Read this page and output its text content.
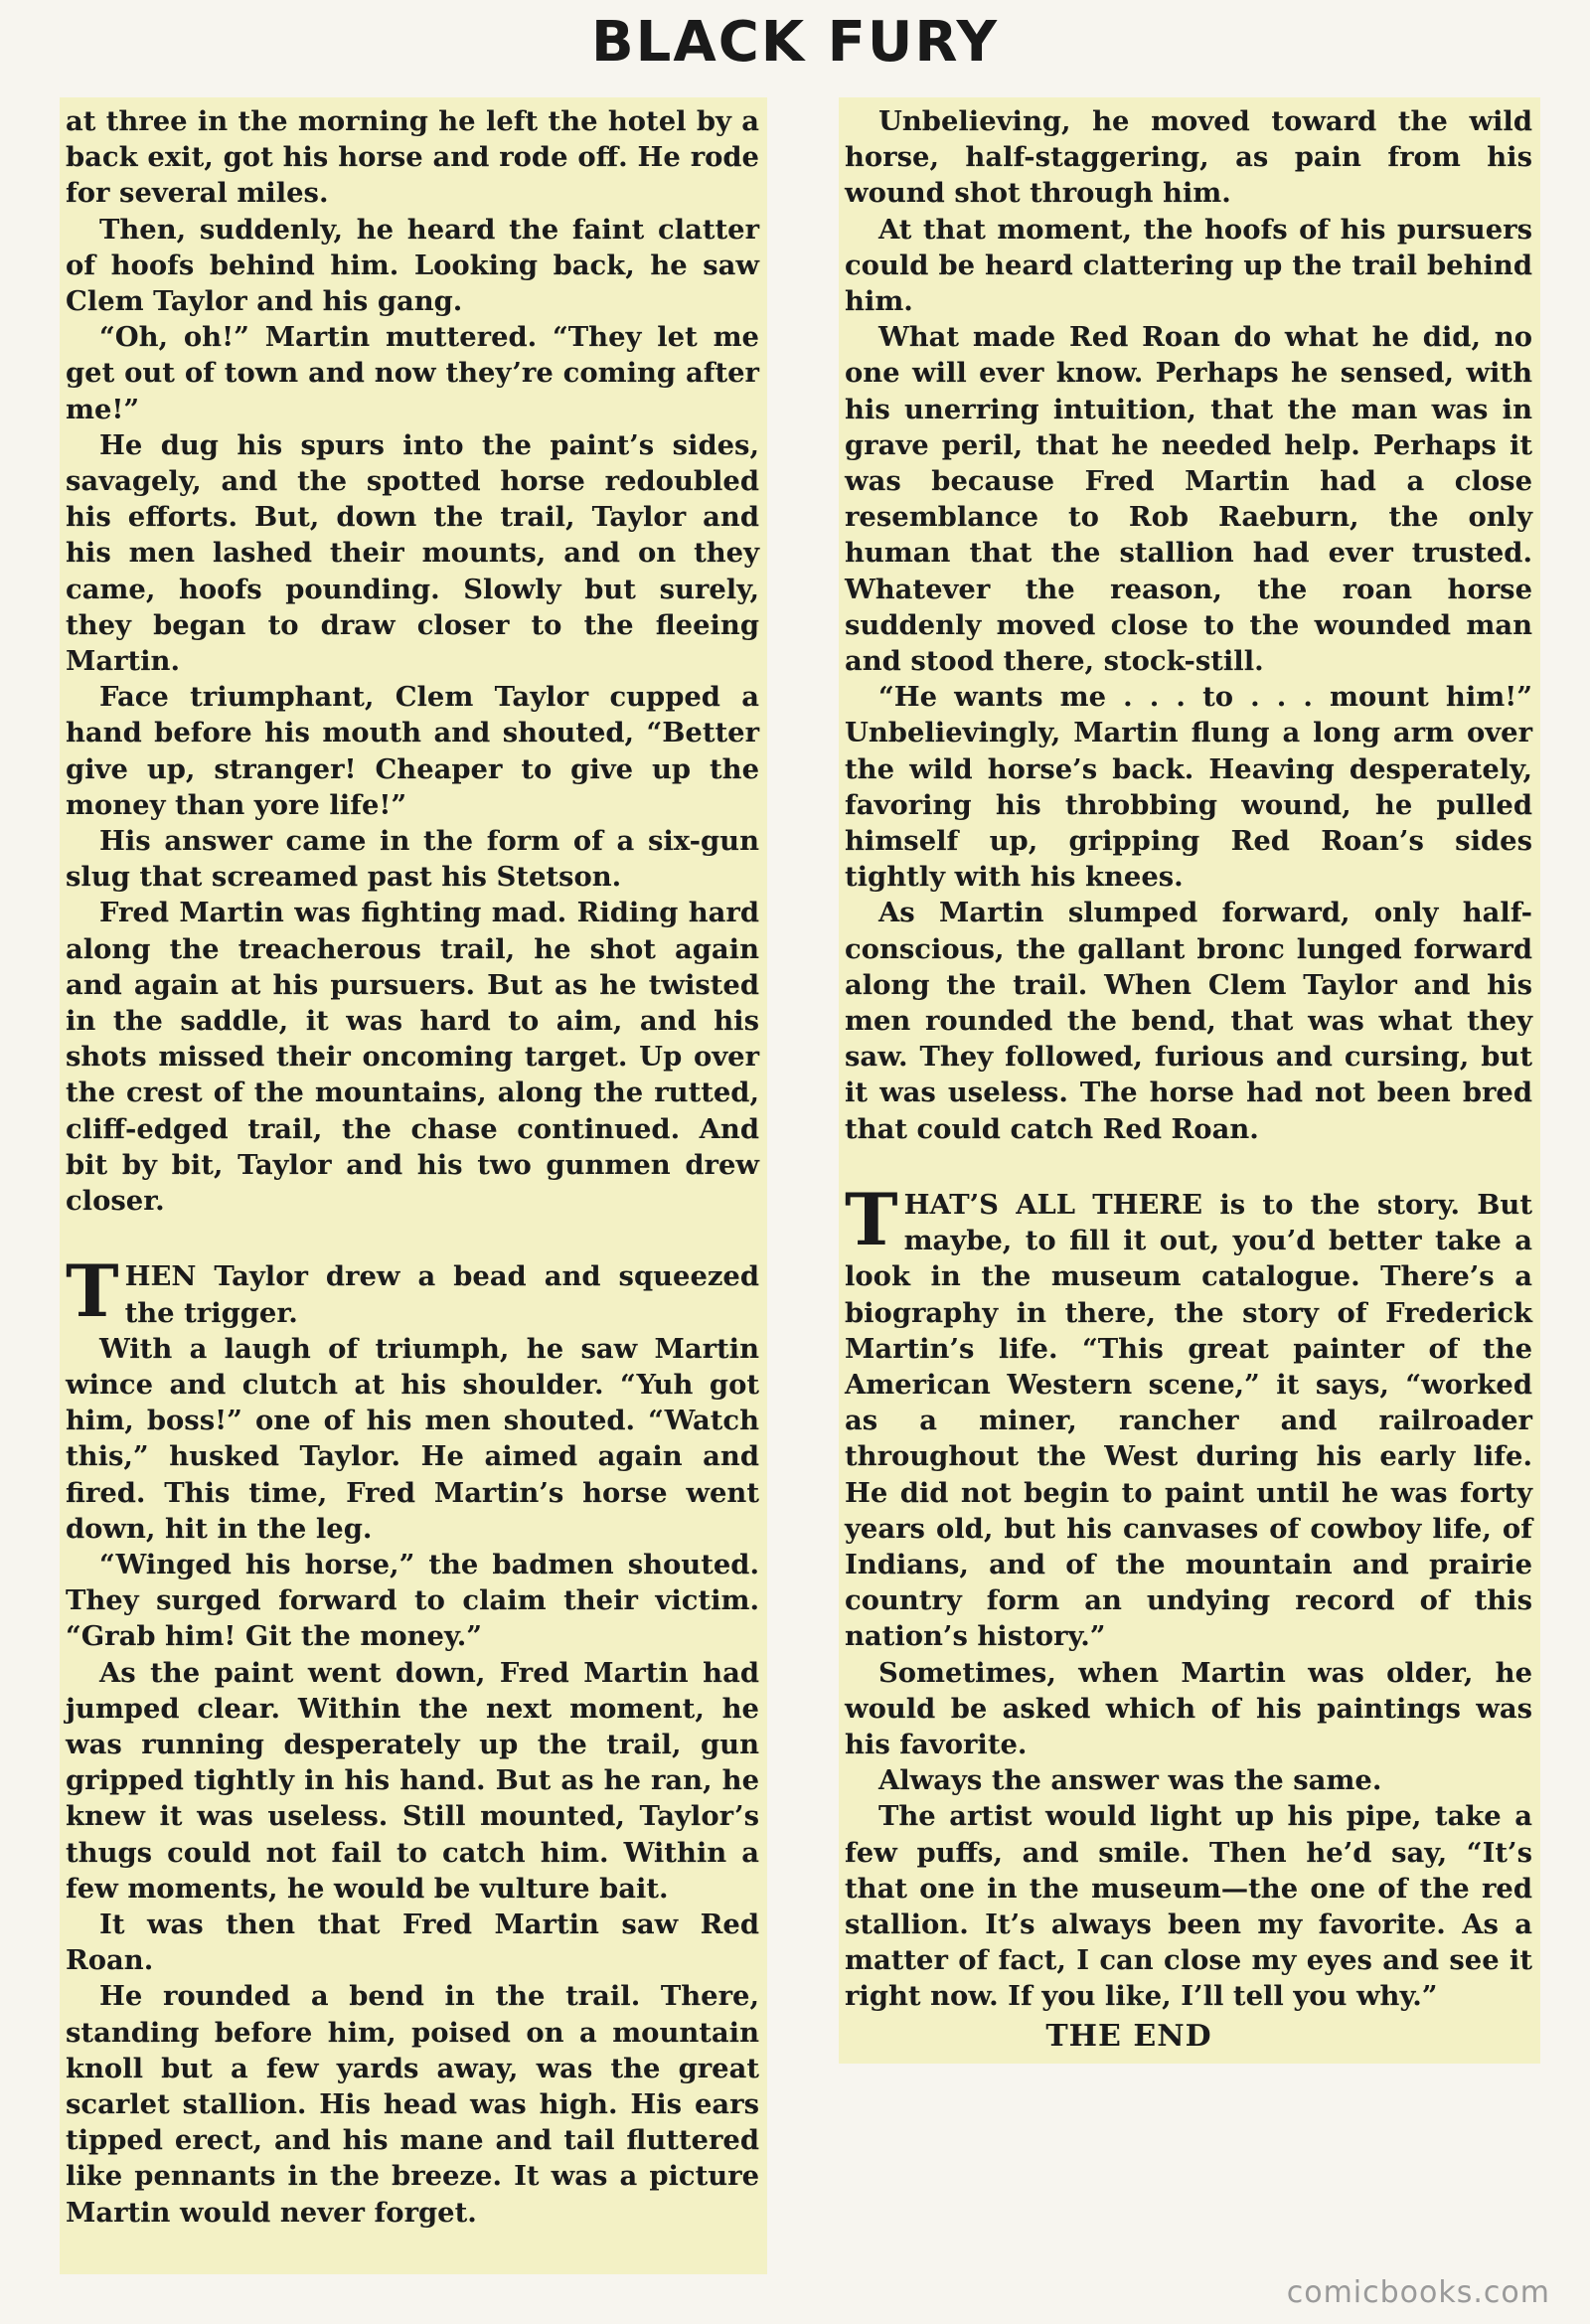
BLACK FURY

at three in the morning he left the hotel by a back exit, got his horse and rode off. He rode for several miles.

Then, suddenly, he heard the faint clatter of hoofs behind him. Looking back, he saw Clem Taylor and his gang.

“Oh, oh!” Martin muttered. “They let me get out of town and now they’re coming after me!”

He dug his spurs into the paint’s sides, savagely, and the spotted horse redoubled his efforts. But, down the trail, Taylor and his men lashed their mounts, and on they came, hoofs pounding. Slowly but surely, they began to draw closer to the fleeing Martin.

Face triumphant, Clem Taylor cupped a hand before his mouth and shouted, “Better give up, stranger! Cheaper to give up the money than yore life!”

His answer came in the form of a six-gun slug that screamed past his Stetson.

Fred Martin was fighting mad. Riding hard along the treacherous trail, he shot again and again at his pursuers. But as he twisted in the saddle, it was hard to aim, and his shots missed their oncoming target. Up over the crest of the mountains, along the rutted, cliff-edged trail, the chase continued. And bit by bit, Taylor and his two gunmen drew closer.

THEN Taylor drew a bead and squeezed the trigger.

With a laugh of triumph, he saw Martin wince and clutch at his shoulder. “Yuh got him, boss!” one of his men shouted. “Watch this,” husked Taylor. He aimed again and fired. This time, Fred Martin’s horse went down, hit in the leg.

“Winged his horse,” the badmen shouted. They surged forward to claim their victim. “Grab him! Git the money.”

As the paint went down, Fred Martin had jumped clear. Within the next moment, he was running desperately up the trail, gun gripped tightly in his hand. But as he ran, he knew it was useless. Still mounted, Taylor’s thugs could not fail to catch him. Within a few moments, he would be vulture bait.

It was then that Fred Martin saw Red Roan.

He rounded a bend in the trail. There, standing before him, poised on a mountain knoll but a few yards away, was the great scarlet stallion. His head was high. His ears tipped erect, and his mane and tail fluttered like pennants in the breeze. It was a picture Martin would never forget.

Unbelieving, he moved toward the wild horse, half-staggering, as pain from his wound shot through him.

At that moment, the hoofs of his pursuers could be heard clattering up the trail behind him.

What made Red Roan do what he did, no one will ever know. Perhaps he sensed, with his unerring intuition, that the man was in grave peril, that he needed help. Perhaps it was because Fred Martin had a close resemblance to Rob Raeburn, the only human that the stallion had ever trusted. Whatever the reason, the roan horse suddenly moved close to the wounded man and stood there, stock-still.

“He wants me . . . to . . . mount him!” Unbelievingly, Martin flung a long arm over the wild horse’s back. Heaving desperately, favoring his throbbing wound, he pulled himself up, gripping Red Roan’s sides tightly with his knees.

As Martin slumped forward, only half-conscious, the gallant bronc lunged forward along the trail. When Clem Taylor and his men rounded the bend, that was what they saw. They followed, furious and cursing, but it was useless. The horse had not been bred that could catch Red Roan.

THAT’S ALL THERE is to the story. But maybe, to fill it out, you’d better take a look in the museum catalogue. There’s a biography in there, the story of Frederick Martin’s life. “This great painter of the American Western scene,” it says, “worked as a miner, rancher and railroader throughout the West during his early life. He did not begin to paint until he was forty years old, but his canvases of cowboy life, of Indians, and of the mountain and prairie country form an undying record of this nation’s history.”

Sometimes, when Martin was older, he would be asked which of his paintings was his favorite.

Always the answer was the same.

The artist would light up his pipe, take a few puffs, and smile. Then he’d say, “It’s that one in the museum—the one of the red stallion. It’s always been my favorite. As a matter of fact, I can close my eyes and see it right now. If you like, I’ll tell you why.”

THE END
comicbooks.com
